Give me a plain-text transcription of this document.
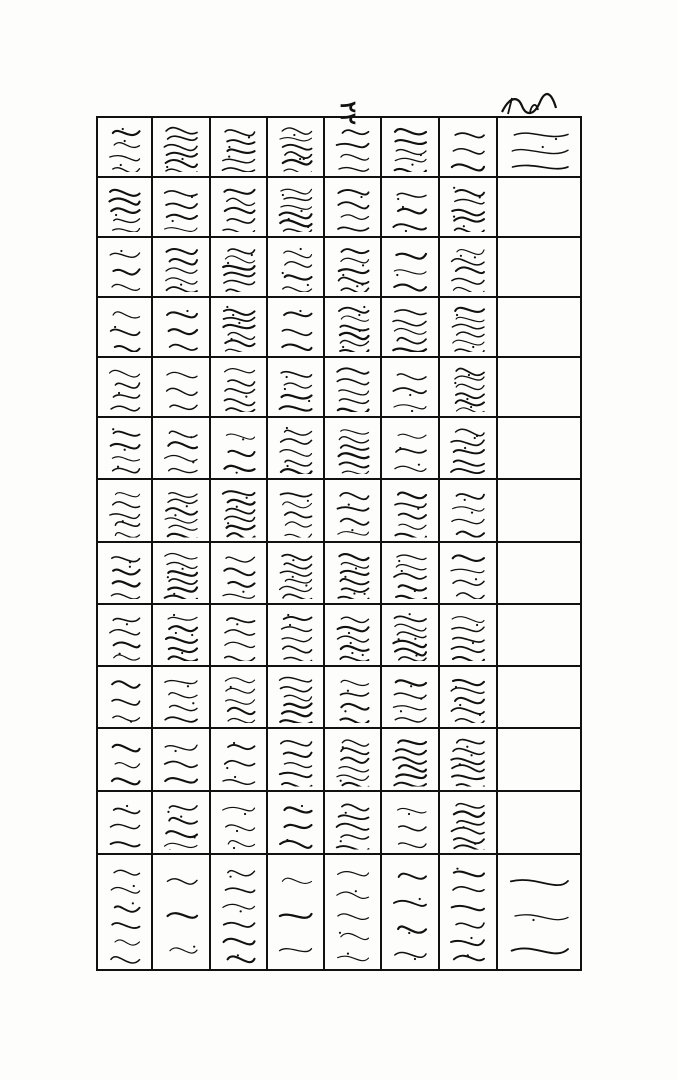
٢٢
